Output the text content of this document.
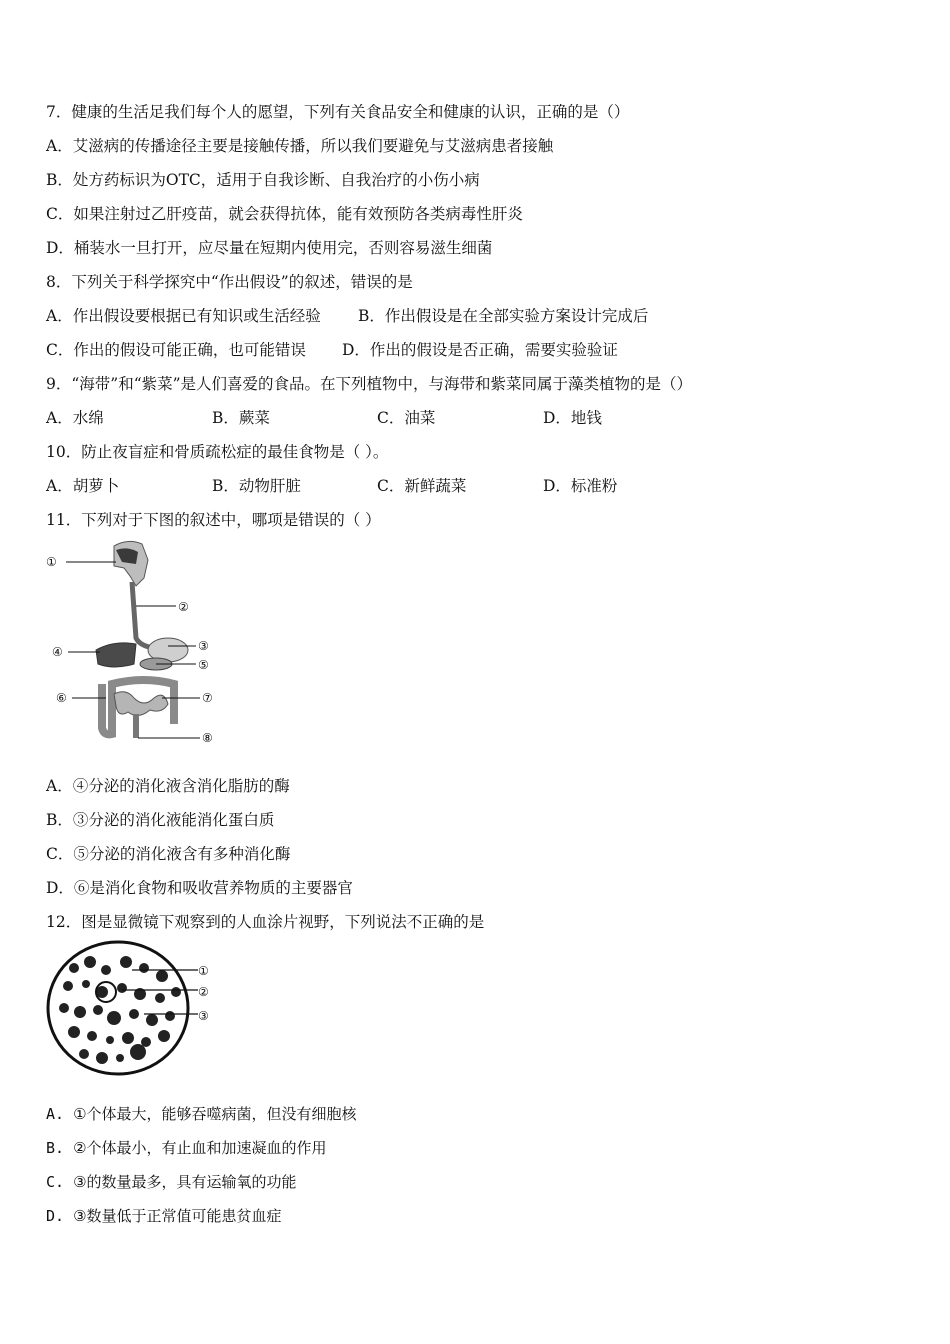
7．健康的生活足我们每个人的愿望，下列有关食品安全和健康的认识，正确的是（）
A．艾滋病的传播途径主要是接触传播，所以我们要避免与艾滋病患者接触
B．处方药标识为OTC，适用于自我诊断、自我治疗的小伤小病
C．如果注射过乙肝疫苗，就会获得抗体，能有效预防各类病毒性肝炎
D．桶装水一旦打开，应尽量在短期内使用完，否则容易滋生细菌
8．下列关于科学探究中“作出假设”的叙述，错误的是
A．作出假设要根据已有知识或生活经验 B．作出假设是在全部实验方案设计完成后
C．作出的假设可能正确，也可能错误 D．作出的假设是否正确，需要实验验证
9．“海带”和“紫菜”是人们喜爱的食品。在下列植物中，与海带和紫菜同属于藻类植物的是（）
A．水绵	B．蕨菜	C．油菜	D．地钱
10．防止夜盲症和骨质疏松症的最佳食物是（ ）。
A．胡萝卜	B．动物肝脏	C．新鲜蔬菜	D．标准粉
11．下列对于下图的叙述中，哪项是错误的（ ）
①
②
③
④
⑤
⑥	⑦
⑧
A．④分泌的消化液含消化脂肪的酶
B．③分泌的消化液能消化蛋白质
C．⑤分泌的消化液含有多种消化酶
D．⑥是消化食物和吸收营养物质的主要器官
12．图是显微镜下观察到的人血涂片视野，下列说法不正确的是
①
②
③
A. ①个体最大，能够吞噬病菌，但没有细胞核
B. ②个体最小，有止血和加速凝血的作用
C. ③的数量最多，具有运输氧的功能
D. ③数量低于正常值可能患贫血症
